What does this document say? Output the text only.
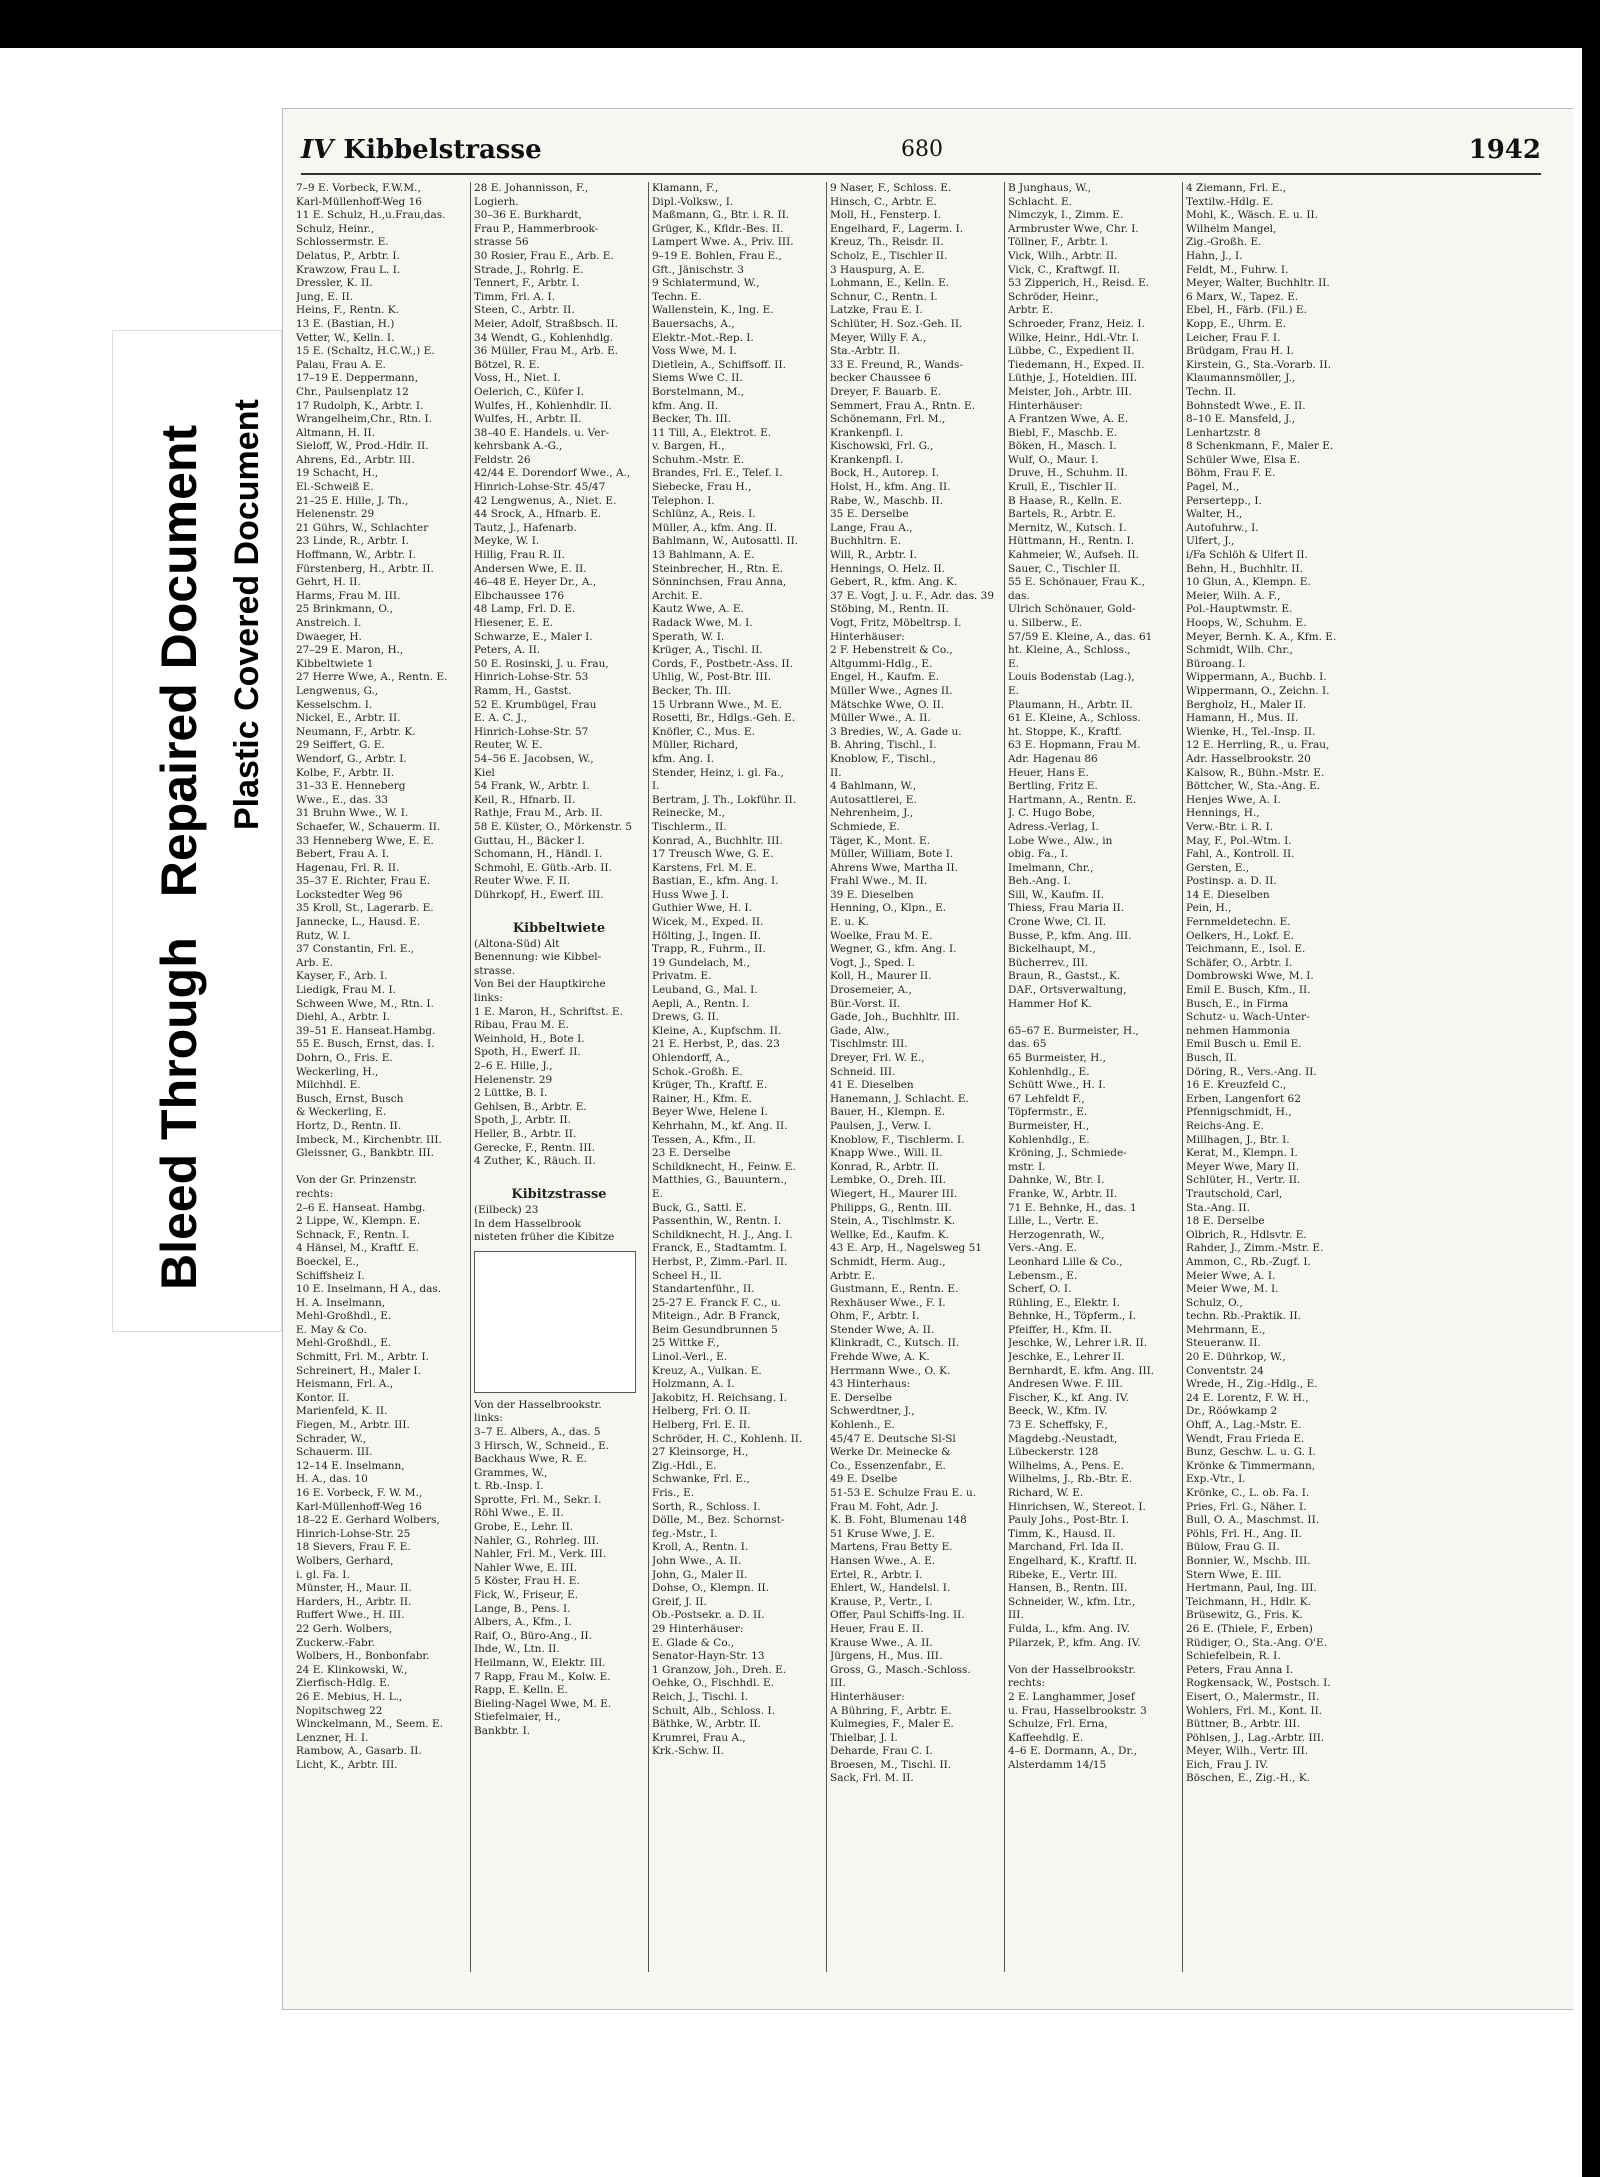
Bleed Through   Repaired Document Plastic Covered Document
IV Kibbelstrasse	680	1942
7–9 E. Vorbeck, F.W.M.,
Karl-Müllenhoff-Weg 16
11 E. Schulz, H.,u.Frau,das.
Schulz, Heinr.,
Schlossermstr. E.
Delatus, P., Arbtr. I.
Krawzow, Frau L. I.
Dressler, K. II.
Jung, E. II.
Heins, F., Rentn. K.
13 E. (Bastian, H.)
Vetter, W., Kelln. I.
15 E. (Schaltz, H.C.W.,) E.
Palau, Frau A. E.
17–19 E. Deppermann,
Chr., Paulsenplatz 12
17 Rudolph, K., Arbtr. I.
Wrangelheim,Chr., Rtn. I.
Altmann, H. II.
Sieloff, W., Prod.-Hdlr. II.
Ahrens, Ed., Arbtr. III.
19 Schacht, H.,
El.-Schweiß E.
21–25 E. Hille, J. Th.,
Helenenstr. 29
21 Gührs, W., Schlachter
23 Linde, R., Arbtr. I.
Hoffmann, W., Arbtr. I.
Fürstenberg, H., Arbtr. II.
Gehrt, H. II.
Harms, Frau M. III.
25 Brinkmann, O.,
Anstreich. I.
Dwaeger, H.
27–29 E. Maron, H.,
Kibbeltwiete 1
27 Herre Wwe, A., Rentn. E.
Lengwenus, G.,
Kesselschm. I.
Nickel, E., Arbtr. II.
Neumann, F., Arbtr. K.
29 Seiffert, G. E.
Wendorf, G., Arbtr. I.
Kolbe, F., Arbtr. II.
31–33 E. Henneberg
Wwe., E., das. 33
31 Bruhn Wwe., W. I.
Schaefer, W., Schauerm. II.
33 Henneberg Wwe, E. E.
Bebert, Frau A. I.
Hagenau, Frl. R. II.
35–37 E. Richter, Frau E.
Lockstedter Weg 96
35 Kroll, St., Lagerarb. E.
Jannecke, L., Hausd. E.
Rutz, W. I.
37 Constantin, Frl. E.,
Arb. E.
Kayser, F., Arb. I.
Liedigk, Frau M. I.
Schween Wwe, M., Rtn. I.
Diehl, A., Arbtr. I.
39–51 E. Hanseat.Hambg.
55 E. Busch, Ernst, das. I.
Dohrn, O., Fris. E.
Weckerling, H.,
Milchhdl. E.
Busch, Ernst, Busch
& Weckerling, E.
Hortz, D., Rentn. II.
Imbeck, M., Kirchenbtr. III.
Gleissner, G., Bankbtr. III.

Von der Gr. Prinzenstr.
rechts:
2–6 E. Hanseat. Hambg.
2 Lippe, W., Klempn. E.
Schnack, F., Rentn. I.
4 Hänsel, M., Kraftf. E.
Boeckel, E.,
Schiffsheiz I.
10 E. Inselmann, H A., das.
H. A. Inselmann,
Mehl-Großhdl., E.
E. May & Co.
Mehl-Großhdl., E.
Schmitt, Frl. M., Arbtr. I.
Schreinert, H., Maler I.
Heismann, Frl. A.,
Kontor. II.
Marienfeld, K. II.
Fiegen, M., Arbtr. III.
Schrader, W.,
Schauerm. III.
12–14 E. Inselmann,
H. A., das. 10
16 E. Vorbeck, F. W. M.,
Karl-Müllenhoff-Weg 16
18–22 E. Gerhard Wolbers,
Hinrich-Lohse-Str. 25
18 Sievers, Frau F. E.
Wolbers, Gerhard,
i. gl. Fa. I.
Münster, H., Maur. II.
Harders, H., Arbtr. II.
Ruffert Wwe., H. III.
22 Gerh. Wolbers,
Zuckerw.-Fabr.
Wolbers, H., Bonbonfabr.
24 E. Klinkowski, W.,
Zierfisch-Hdlg. E.
26 E. Mebius, H. L.,
Nopitschweg 22
Winckelmann, M., Seem. E.
Lenzner, H. I.
Rambow, A., Gasarb. II.
Licht, K., Arbtr. III.
28 E. Johannisson, F.,
Logierh.
30–36 E. Burkhardt,
Frau P., Hammerbrook-
strasse 56
30 Rosier, Frau E., Arb. E.
Strade, J., Rohrlg. E.
Tennert, F., Arbtr. I.
Timm, Frl. A. I.
Steen, C., Arbtr. II.
Meier, Adolf, Straßbsch. II.
34 Wendt, G., Kohlenhdlg.
36 Müller, Frau M., Arb. E.
Bötzel, R. E.
Voss, H., Niet. I.
Oelerich, C., Küfer I.
Wulfes, H., Kohlenhdlr. II.
Wulfes, H., Arbtr. II.
38–40 E. Handels. u. Ver-
kehrsbank A.-G.,
Feldstr. 26
42/44 E. Dorendorf Wwe., A.,
Hinrich-Lohse-Str. 45/47
42 Lengwenus, A., Niet. E.
44 Srock, A., Hfnarb. E.
Tautz, J., Hafenarb.
Meyke, W. I.
Hillig, Frau R. II.
Andersen Wwe, E. II.
46–48 E. Heyer Dr., A.,
Elbchaussee 176
48 Lamp, Frl. D. E.
Hiesener, E. E.
Schwarze, E., Maler I.
Peters, A. II.
50 E. Rosinski, J. u. Frau,
Hinrich-Lohse-Str. 53
Ramm, H., Gastst.
52 E. Krumbügel, Frau
E. A. C. J.,
Hinrich-Lohse-Str. 57
Reuter, W. E.
54–56 E. Jacobsen, W.,
Kiel
54 Frank, W., Arbtr. I.
Keil, R., Hfnarb. II.
Rathje, Frau M., Arb. II.
58 E. Küster, O., Mörkenstr. 5
Guttau, H., Bäcker I.
Schomann, H., Händl. I.
Schmohl, E. Gütb.-Arb. II.
Reuter Wwe. F. II.
Dührkopf, H., Ewerf. III.

Kibbeltwiete
(Altona-Süd) Alt
Benennung: wie Kibbel-
strasse.
Von Bei der Hauptkirche
links:
1 E. Maron, H., Schriftst. E.
Ribau, Frau M. E.
Weinhold, H., Bote I.
Spoth, H., Ewerf. II.
2–6 E. Hille, J.,
Helenenstr. 29
2 Lüttke, B. I.
Gehlsen, B., Arbtr. E.
Spoth, J., Arbtr. II.
Heller, B., Arbtr. II.
Gerecke, F., Rentn. III.
4 Zuther, K., Räuch. II.

Kibitzstrasse
(Eilbeck) 23
In dem Hasselbrook
nisteten früher die Kibitze
Von der Hasselbrookstr.
links:
3–7 E. Albers, A., das. 5
3 Hirsch, W., Schneid., E.
Backhaus Wwe, R. E.
Grammes, W.,
t. Rb.-Insp. I.
Sprotte, Frl. M., Sekr. I.
Röhl Wwe., E. II.
Grobe, E., Lehr. II.
Nahler, G., Rohrleg. III.
Nahler, Frl. M., Verk. III.
Nahler Wwe, E. III.
5 Köster, Frau H. E.
Fick, W., Friseur, E.
Lange, B., Pens. I.
Albers, A., Kfm., I.
Raif, O., Büro-Ang., II.
Ihde, W., Ltn. II.
Heilmann, W., Elektr. III.
7 Rapp, Frau M., Kolw. E.
Rapp, E. Kelln. E.
Bieling-Nagel Wwe, M. E.
Stiefelmaier, H.,
Bankbtr. I.
Klamann, F.,
Dipl.-Volksw., I.
Maßmann, G., Btr. i. R. II.
Grüger, K., Kfldr.-Bes. II.
Lampert Wwe. A., Priv. III.
9–19 E. Bohlen, Frau E.,
Gft., Jänischstr. 3
9 Schlatermund, W.,
Techn. E.
Wallenstein, K., Ing. E.
Bauersachs, A.,
Elektr.-Mot.-Rep. I.
Voss Wwe, M. I.
Dietlein, A., Schiffsoff. II.
Siems Wwe C. II.
Borstelmann, M.,
kfm. Ang. II.
Becker, Th. III.
11 Till, A., Elektrot. E.
v. Bargen, H.,
Schuhm.-Mstr. E.
Brandes, Frl. E., Telef. I.
Siebecke, Frau H.,
Telephon. I.
Schlünz, A., Reis. I.
Müller, A., kfm. Ang. II.
Bahlmann, W., Autosattl. II.
13 Bahlmann, A. E.
Steinbrecher, H., Rtn. E.
Sönninchsen, Frau Anna,
Archit. E.
Kautz Wwe, A. E.
Radack Wwe, M. I.
Sperath, W. I.
Krüger, A., Tischl. II.
Cords, F., Postbetr.-Ass. II.
Uhlig, W., Post-Btr. III.
Becker, Th. III.
15 Urbrann Wwe., M. E.
Rosetti, Br., Hdlgs.-Geh. E.
Knöfler, C., Mus. E.
Müller, Richard,
kfm. Ang. I.
Stender, Heinz, i. gl. Fa.,
I.
Bertram, J. Th., Lokführ. II.
Reinecke, M.,
Tischlerm., II.
Konrad, A., Buchhltr. III.
17 Treusch Wwe, G. E.
Karstens, Frl. M. E.
Bastian, E., kfm. Ang. I.
Huss Wwe J. I.
Guthier Wwe, H. I.
Wicek, M., Exped. II.
Hölting, J., Ingen. II.
Trapp, R., Fuhrm., II.
19 Gundelach, M.,
Privatm. E.
Leuband, G., Mal. I.
Aepli, A., Rentn. I.
Drews, G. II.
Kleine, A., Kupfschm. II.
21 E. Herbst, P., das. 23
Ohlendorff, A.,
Schok.-Großh. E.
Krüger, Th., Kraftf. E.
Rainer, H., Kfm. E.
Beyer Wwe, Helene I.
Kehrhahn, M., kf. Ang. II.
Tessen, A., Kfm., II.
23 E. Derselbe
Schildknecht, H., Feinw. E.
Matthies, G., Bauuntern.,
E.
Buck, G., Sattl. E.
Passenthin, W., Rentn. I.
Schildknecht, H. J., Ang. I.
Franck, E., Stadtamtm. I.
Herbst, P., Zimm.-Parl. II.
Scheel H., II.
Standartenführ., II.
25-27 E. Franck F. C., u.
Miteign., Adr. B Franck,
Beim Gesundbrunnen 5
25 Wittke F.,
Linol.-Verl., E.
Kreuz, A., Vulkan. E.
Holzmann, A. I.
Jakobitz, H. Reichsang. I.
Helberg, Frl. O. II.
Helberg, Frl. E. II.
Schröder, H. C., Kohlenh. II.
27 Kleinsorge, H.,
Zig.-Hdl., E.
Schwanke, Frl. E.,
Fris., E.
Sorth, R., Schloss. I.
Dölle, M., Bez. Schornst-
feg.-Mstr., I.
Kroll, A., Rentn. I.
John Wwe., A. II.
John, G., Maler II.
Dohse, O., Klempn. II.
Greif, J. II.
Ob.-Postsekr. a. D. II.
29 Hinterhäuser:
E. Glade & Co.,
Senator-Hayn-Str. 13
1 Granzow, Joh., Dreh. E.
Oehke, O., Fischhdl. E.
Reich, J., Tischl. I.
Schult, Alb., Schloss. I.
Bäthke, W., Arbtr. II.
Krumrei, Frau A.,
Krk.-Schw. II.
9 Naser, F., Schloss. E.
Hinsch, C., Arbtr. E.
Moll, H., Fensterp. I.
Engelhard, F., Lagerm. I.
Kreuz, Th., Reisdr. II.
Scholz, E., Tischler II.
3 Hauspurg, A. E.
Lohmann, E., Kelln. E.
Schnur, C., Rentn. I.
Latzke, Frau E. I.
Schlüter, H. Soz.-Geh. II.
Meyer, Willy F. A.,
Sta.-Arbtr. II.
33 E. Freund, R., Wands-
becker Chaussee 6
Dreyer, F. Bauarb. E.
Semmert, Frau A., Rntn. E.
Schönemann, Frl. M.,
Krankenpfl. I.
Kischowski, Frl. G.,
Krankenpfl. I.
Bock, H., Autorep. I.
Holst, H., kfm. Ang. II.
Rabe, W., Maschb. II.
35 E. Derselbe
Lange, Frau A.,
Buchhltrn. E.
Will, R., Arbtr. I.
Hennings, O. Helz. II.
Gebert, R., kfm. Ang. K.
37 E. Vogt, J. u. F., Adr. das. 39
Stöbing, M., Rentn. II.
Vogt, Fritz, Möbeltrsp. I.
Hinterhäuser:
2 F. Hebenstreit & Co.,
Altgummi-Hdlg., E.
Engel, H., Kaufm. E.
Müller Wwe., Agnes II.
Mätschke Wwe, O. II.
Müller Wwe., A. II.
3 Bredies, W., A. Gade u.
B. Ahring, Tischl., I.
Knoblow, F., Tischl.,
II.
4 Bahlmann, W.,
Autosattlerei, E.
Nehrenheim, J.,
Schmiede, E.
Täger, K., Mont. E.
Müller, William, Bote I.
Ahrens Wwe, Martha II.
Frahl Wwe., M. II.
39 E. Dieselben
Henning, O., Klpn., E.
E. u. K.
Woelke, Frau M. E.
Wegner, G., kfm. Ang. I.
Vogt, J., Sped. I.
Koll, H., Maurer II.
Drosemeier, A.,
Bür.-Vorst. II.
Gade, Joh., Buchhltr. III.
Gade, Alw.,
Tischlmstr. III.
Dreyer, Frl. W. E.,
Schneid. III.
41 E. Dieselben
Hanemann, J. Schlacht. E.
Bauer, H., Klempn. E.
Paulsen, J., Verw. I.
Knoblow, F., Tischlerm. I.
Knapp Wwe., Will. II.
Konrad, R., Arbtr. II.
Lembke, O., Dreh. III.
Wiegert, H., Maurer III.
Philipps, G., Rentn. III.
Stein, A., Tischlmstr. K.
Wellke, Ed., Kaufm. K.
43 E. Arp, H., Nagelsweg 51
Schmidt, Herm. Aug.,
Arbtr. E.
Gustmann, E., Rentn. E.
Rexhäuser Wwe., F. I.
Ohm, F., Arbtr. I.
Stender Wwe, A. II.
Klinkradt, C., Kutsch. II.
Frehde Wwe, A. K.
Herrmann Wwe., O. K.
43 Hinterhaus:
E. Derselbe
Schwerdtner, J.,
Kohlenh., E.
45/47 E. Deutsche Sl-Sl
Werke Dr. Meinecke &
Co., Essenzenfabr., E.
49 E. Dselbe
51-53 E. Schulze Frau E. u.
Frau M. Foht, Adr. J.
K. B. Foht, Blumenau 148
51 Kruse Wwe, J. E.
Martens, Frau Betty E.
Hansen Wwe., A. E.
Ertel, R., Arbtr. I.
Ehlert, W., Handelsl. I.
Krause, P., Vertr., I.
Offer, Paul Schiffs-Ing. II.
Heuer, Frau E. II.
Krause Wwe., A. II.
Jürgens, H., Mus. III.
Gross, G., Masch.-Schloss.
III.
Hinterhäuser:
A Bühring, F., Arbtr. E.
Kulmegies, F., Maler E.
Thielbar, J. I.
Deharde, Frau C. I.
Broesen, M., Tischl. II.
Sack, Frl. M. II.
B Junghaus, W.,
Schlacht. E.
Nimczyk, I., Zimm. E.
Armbruster Wwe, Chr. I.
Töllner, F., Arbtr. I.
Vick, Wilh., Arbtr. II.
Vick, C., Kraftwgf. II.
53 Zipperich, H., Reisd. E.
Schröder, Heinr.,
Arbtr. E.
Schroeder, Franz, Heiz. I.
Wilke, Heinr., Hdl.-Vtr. I.
Lübbe, C., Expedient II.
Tiedemann, H., Exped. II.
Lüthje, J., Hoteldien. III.
Meister, Joh., Arbtr. III.
Hinterhäuser:
A Frantzen Wwe, A. E.
Biebl, F., Maschb. E.
Böken, H., Masch. I.
Wulf, O., Maur. I.
Druve, H., Schuhm. II.
Krull, E., Tischler II.
B Haase, R., Kelln. E.
Bartels, R., Arbtr. E.
Mernitz, W., Kutsch. I.
Hüttmann, H., Rentn. I.
Kahmeier, W., Aufseh. II.
Sauer, C., Tischler II.
55 E. Schönauer, Frau K.,
das.
Ulrich Schönauer, Gold-
u. Silberw., E.
57/59 E. Kleine, A., das. 61
ht. Kleine, A., Schloss.,
E.
Louis Bodenstab (Lag.),
E.
Plaumann, H., Arbtr. II.
61 E. Kleine, A., Schloss.
ht. Stoppe, K., Kraftf.
63 E. Hopmann, Frau M.
Adr. Hagenau 86
Heuer, Hans E.
Bertling, Fritz E.
Hartmann, A., Rentn. E.
J. C. Hugo Bobe,
Adress.-Verlag, I.
Lobe Wwe., Alw., in
obig. Fa., I.
Imelmann, Chr.,
Beh.-Ang. I.
Sill, W., Kaufm. II.
Thiess, Frau Maria II.
Crone Wwe, Cl. II.
Busse, P., kfm. Ang. III.
Bickelhaupt, M.,
Bücherrev., III.
Braun, R., Gastst., K.
DAF., Ortsverwaltung,
Hammer Hof K.

65–67 E. Burmeister, H.,
das. 65
65 Burmeister, H.,
Kohlenhdlg., E.
Schütt Wwe., H. I.
67 Lehfeldt F.,
Töpfermstr., E.
Burmeister, H.,
Kohlenhdlg., E.
Kröning, J., Schmiede-
mstr. I.
Dahnke, W., Btr. I.
Franke, W., Arbtr. II.
71 E. Behnke, H., das. 1
Lille, L., Vertr. E.
Herzogenrath, W.,
Vers.-Ang. E.
Leonhard Lille & Co.,
Lebensm., E.
Scherf, O. I.
Rühling, E., Elektr. I.
Behnke, H., Töpferm., I.
Pfeiffer, H., Kfm. II.
Jeschke, W., Lehrer i.R. II.
Jeschke, E., Lehrer II.
Bernhardt, E. kfm. Ang. III.
Andresen Wwe. F. III.
Fischer, K., kf. Ang. IV.
Beeck, W., Kfm. IV.
73 E. Scheffsky, F.,
Magdebg.-Neustadt,
Lübeckerstr. 128
Wilhelms, A., Pens. E.
Wilhelms, J., Rb.-Btr. E.
Richard, W. E.
Hinrichsen, W., Stereot. I.
Pauly Johs., Post-Btr. I.
Timm, K., Hausd. II.
Marchand, Frl. Ida II.
Engelhard, K., Kraftf. II.
Ribeke, E., Vertr. III.
Hansen, B., Rentn. III.
Schneider, W., kfm. Ltr.,
III.
Fulda, L., kfm. Ang. IV.
Pilarzek, P., kfm. Ang. IV.

Von der Hasselbrookstr.
rechts:
2 E. Langhammer, Josef
u. Frau, Hasselbrookstr. 3
Schulze, Frl. Erna,
Kaffeehdlg. E.
4–6 E. Dormann, A., Dr.,
Alsterdamm 14/15
4 Ziemann, Frl. E.,
Textilw.-Hdlg. E.
Mohl, K., Wäsch. E. u. II.
Wilhelm Mangel,
Zig.-Großh. E.
Hahn, J., I.
Feldt, M., Fuhrw. I.
Meyer, Walter, Buchhltr. II.
6 Marx, W., Tapez. E.
Ebel, H., Färb. (Fil.) E.
Kopp, E., Uhrm. E.
Leicher, Frau F. I.
Brüdgam, Frau H. I.
Kirstein, G., Sta.-Vorarb. II.
Klaumannsmöller, J.,
Techn. II.
Bohnstedt Wwe., E. II.
8–10 E. Mansfeld, J.,
Lenhartzstr. 8
8 Schenkmann, F., Maler E.
Schüler Wwe, Elsa E.
Böhm, Frau F. E.
Pagel, M.,
Persertepp., I.
Walter, H.,
Autofuhrw., I.
Ulfert, J.,
i/Fa Schlöh & Ulfert II.
Behn, H., Buchhltr. II.
10 Glun, A., Klempn. E.
Meier, Wilh. A. F.,
Pol.-Hauptwmstr. E.
Hoops, W., Schuhm. E.
Meyer, Bernh. K. A., Kfm. E.
Schmidt, Wilh. Chr.,
Büroang. I.
Wippermann, A., Buchb. I.
Wippermann, O., Zeichn. I.
Bergholz, H., Maler II.
Hamann, H., Mus. II.
Wienke, H., Tel.-Insp. II.
12 E. Herrling, R., u. Frau,
Adr. Hasselbrookstr. 20
Kalsow, R., Bühn.-Mstr. E.
Böttcher, W., Sta.-Ang. E.
Henjes Wwe, A. I.
Hennings, H.,
Verw.-Btr. i. R. I.
May, F., Pol.-Wtm. I.
Fahl, A., Kontroll. II.
Gersten, E.,
Postinsp. a. D. II.
14 E. Dieselben
Pein, H.,
Fernmeldetechn. E.
Oelkers, H., Lokf. E.
Teichmann, E., Isol. E.
Schäfer, O., Arbtr. I.
Dombrowski Wwe, M. I.
Emil E. Busch, Kfm., II.
Busch, E., in Firma
Schutz- u. Wach-Unter-
nehmen Hammonia
Emil Busch u. Emil E.
Busch, II.
Döring, R., Vers.-Ang. II.
16 E. Kreuzfeld C.,
Erben, Langenfort 62
Pfennigschmidt, H.,
Reichs-Ang. E.
Millhagen, J., Btr. I.
Kerat, M., Klempn. I.
Meyer Wwe, Mary II.
Schlüter, H., Vertr. II.
Trautschold, Carl,
Sta.-Ang. II.
18 E. Derselbe
Olbrich, R., Hdlsvtr. E.
Rahder, J., Zimm.-Mstr. E.
Ammon, C., Rb.-Zugf. I.
Meier Wwe, A. I.
Meier Wwe, M. I.
Schulz, O.,
techn. Rb.-Praktik. II.
Mehrmann, E.,
Steueranw. II.
20 E. Dührkop, W.,
Conventstr. 24
Wrede, H., Zig.-Hdlg., E.
24 E. Lorentz, F. W. H.,
Dr., Röówkamp 2
Ohff, A., Lag.-Mstr. E.
Wendt, Frau Frieda E.
Bunz, Geschw. L. u. G. I.
Krönke & Timmermann,
Exp.-Vtr., I.
Krönke, C., L. ob. Fa. I.
Pries, Frl. G., Näher. I.
Bull, O. A., Maschmst. II.
Pöhls, Frl. H., Ang. II.
Bülow, Frau G. II.
Bonnier, W., Mschb. III.
Stern Wwe, E. III.
Hertmann, Paul, Ing. III.
Teichmann, H., Hdlr. K.
Brüsewitz, G., Fris. K.
26 E. (Thiele, F., Erben)
Rüdiger, O., Sta.-Ang. O'E.
Schiefelbein, R. I.
Peters, Frau Anna I.
Rogkensack, W., Postsch. I.
Eisert, O., Malermstr., II.
Wohlers, Frl. M., Kont. II.
Büttner, B., Arbtr. III.
Pöhlsen, J., Lag.-Arbtr. III.
Meyer, Wilh., Vertr. III.
Eich, Frau J. IV.
Böschen, E., Zig.-H., K.
